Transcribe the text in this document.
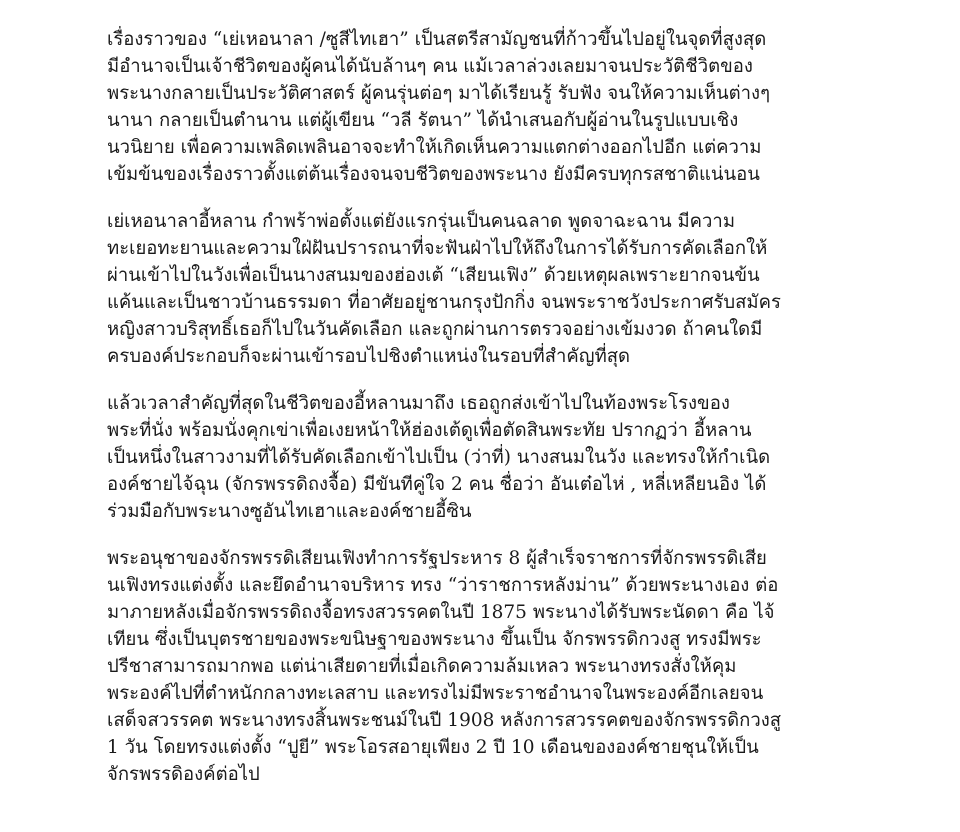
เรื่องราวของ “เย่เหอนาลา /ซูสีไทเฮา” เป็นสตรีสามัญชนที่ก้าวขึ้นไปอยู่ในจุดที่สูงสุด
มีอำนาจเป็นเจ้าชีวิตของผู้คนได้นับล้านๆ คน แม้เวลาล่วงเลยมาจนประวัติชีวิตของ
พระนางกลายเป็นประวัติศาสตร์ ผู้คนรุ่นต่อๆ มาได้เรียนรู้ รับฟัง จนให้ความเห็นต่างๆ
นานา กลายเป็นตำนาน แต่ผู้เขียน “วลี รัตนา” ได้นำเสนอกับผู้อ่านในรูปแบบเชิง
นวนิยาย เพื่อความเพลิดเพลินอาจจะทำให้เกิดเห็นความแตกต่างออกไปอีก แต่ความ
เข้มข้นของเรื่องราวตั้งแต่ต้นเรื่องจนจบชีวิตของพระนาง ยังมีครบทุกรสชาติแน่นอน

เย่เหอนาลาอี้หลาน กำพร้าพ่อตั้งแต่ยังแรกรุ่นเป็นคนฉลาด พูดจาฉะฉาน มีความ
ทะเยอทะยานและความใฝ่ฝันปรารถนาที่จะฟันฝ่าไปให้ถึงในการได้รับการคัดเลือกให้
ผ่านเข้าไปในวังเพื่อเป็นนางสนมของฮ่องเต้ “เสียนเฟิง” ด้วยเหตุผลเพราะยากจนข้น
แค้นและเป็นชาวบ้านธรรมดา ที่อาศัยอยู่ชานกรุงปักกิ่ง จนพระราชวังประกาศรับสมัคร
หญิงสาวบริสุทธิ์เธอก็ไปในวันคัดเลือก และถูกผ่านการตรวจอย่างเข้มงวด ถ้าคนใดมี
ครบองค์ประกอบก็จะผ่านเข้ารอบไปชิงตำแหน่งในรอบที่สำคัญที่สุด

แล้วเวลาสำคัญที่สุดในชีวิตของอี้หลานมาถึง เธอถูกส่งเข้าไปในท้องพระโรงของ
พระที่นั่ง พร้อมนั่งคุกเข่าเพื่อเงยหน้าให้ฮ่องเต้ดูเพื่อตัดสินพระทัย ปรากฏว่า อี้หลาน
เป็นหนึ่งในสาวงามที่ได้รับคัดเลือกเข้าไปเป็น (ว่าที่) นางสนมในวัง และทรงให้กำเนิด
องค์ชายไจ้ฉุน (จักรพรรดิถงจื้อ) มีขันทีคู่ใจ 2 คน ชื่อว่า อันเต๋อไห่ , หลี่เหลียนอิง ได้
ร่วมมือกับพระนางซูอันไทเฮาและองค์ชายอี้ซิน

พระอนุชาของจักรพรรดิเสียนเฟิงทำการรัฐประหาร 8 ผู้สำเร็จราชการที่จักรพรรดิเสีย
นเฟิงทรงแต่งตั้ง และยึดอำนาจบริหาร ทรง “ว่าราชการหลังม่าน” ด้วยพระนางเอง ต่อ
มาภายหลังเมื่อจักรพรรดิถงจื้อทรงสวรรคตในปี 1875 พระนางได้รับพระนัดดา คือ ไจ้
เทียน ซึ่งเป็นบุตรชายของพระขนิษฐาของพระนาง ขึ้นเป็น จักรพรรดิกวงสู ทรงมีพระ
ปรีชาสามารถมากพอ แต่น่าเสียดายที่เมื่อเกิดความล้มเหลว พระนางทรงสั่งให้คุม
พระองค์ไปที่ตำหนักกลางทะเลสาบ และทรงไม่มีพระราชอำนาจในพระองค์อีกเลยจน
เสด็จสวรรคต พระนางทรงสิ้นพระชนม์ในปี 1908 หลังการสวรรคตของจักรพรรดิกวงสู
1 วัน โดยทรงแต่งตั้ง “ปูยี” พระโอรสอายุเพียง 2 ปี 10 เดือนขององค์ชายชุนให้เป็น
จักรพรรดิองค์ต่อไป
